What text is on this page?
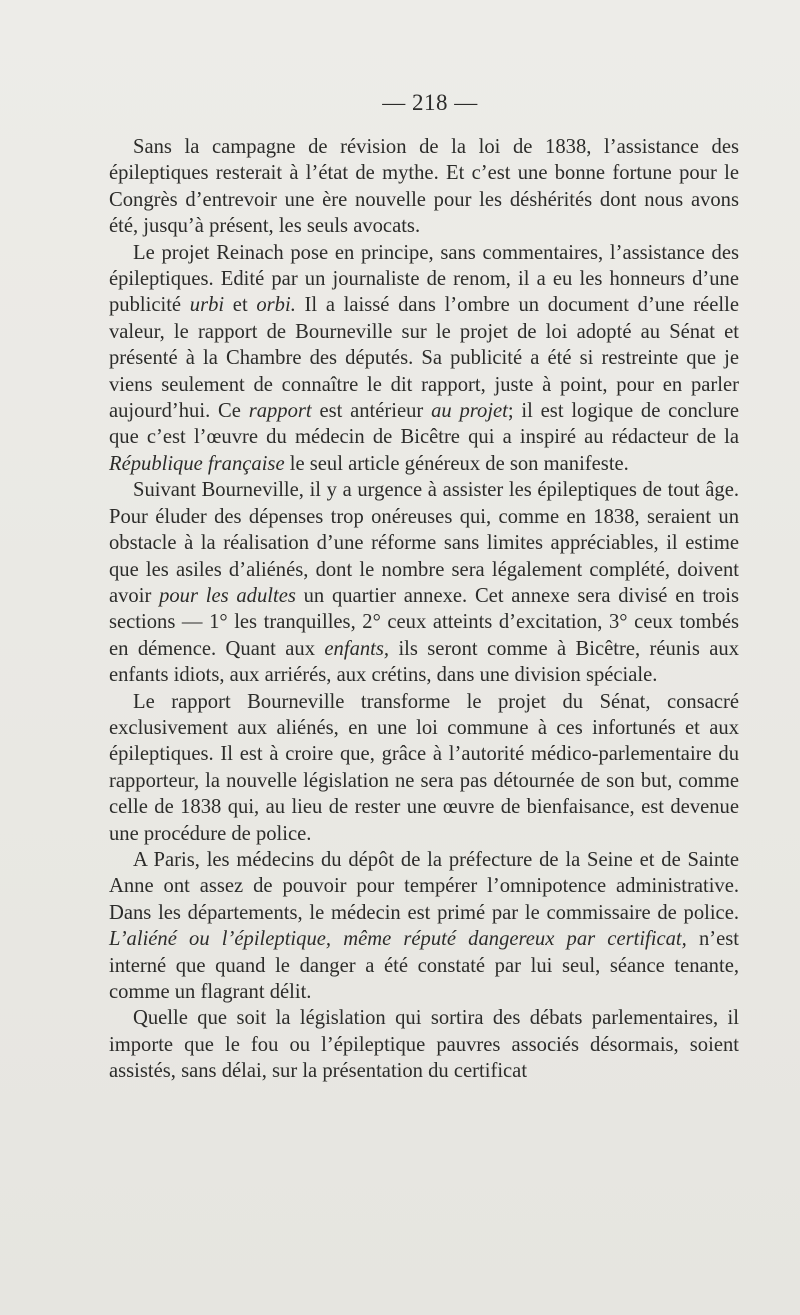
— 218 —

Sans la campagne de révision de la loi de 1838, l’assistance des épileptiques resterait à l’état de mythe. Et c’est une bonne fortune pour le Congrès d’entrevoir une ère nouvelle pour les déshérités dont nous avons été, jusqu’à présent, les seuls avocats.

Le projet Reinach pose en principe, sans commentaires, l’assistance des épileptiques. Edité par un journaliste de renom, il a eu les honneurs d’une publicité urbi et orbi. Il a laissé dans l’ombre un document d’une réelle valeur, le rapport de Bourneville sur le projet de loi adopté au Sénat et présenté à la Chambre des députés. Sa publicité a été si restreinte que je viens seulement de connaître le dit rapport, juste à point, pour en parler aujourd’hui. Ce rapport est antérieur au projet; il est logique de conclure que c’est l’œuvre du médecin de Bicêtre qui a inspiré au rédacteur de la République française le seul article généreux de son manifeste.

Suivant Bourneville, il y a urgence à assister les épileptiques de tout âge. Pour éluder des dépenses trop onéreuses qui, comme en 1838, seraient un obstacle à la réalisation d’une réforme sans limites appréciables, il estime que les asiles d’aliénés, dont le nombre sera légalement complété, doivent avoir pour les adultes un quartier annexe. Cet annexe sera divisé en trois sections — 1° les tranquilles, 2° ceux atteints d’excitation, 3° ceux tombés en démence. Quant aux enfants, ils seront comme à Bicêtre, réunis aux enfants idiots, aux arriérés, aux crétins, dans une division spéciale.

Le rapport Bourneville transforme le projet du Sénat, consacré exclusivement aux aliénés, en une loi commune à ces infortunés et aux épileptiques. Il est à croire que, grâce à l’autorité médico-parlementaire du rapporteur, la nouvelle législation ne sera pas détournée de son but, comme celle de 1838 qui, au lieu de rester une œuvre de bienfaisance, est devenue une procédure de police.

A Paris, les médecins du dépôt de la préfecture de la Seine et de Sainte Anne ont assez de pouvoir pour tempérer l’omnipotence administrative. Dans les départements, le médecin est primé par le commissaire de police. L’aliéné ou l’épileptique, même réputé dangereux par certificat, n’est interné que quand le danger a été constaté par lui seul, séance tenante, comme un flagrant délit.

Quelle que soit la législation qui sortira des débats parlementaires, il importe que le fou ou l’épileptique pauvres associés désormais, soient assistés, sans délai, sur la présentation du certificat
